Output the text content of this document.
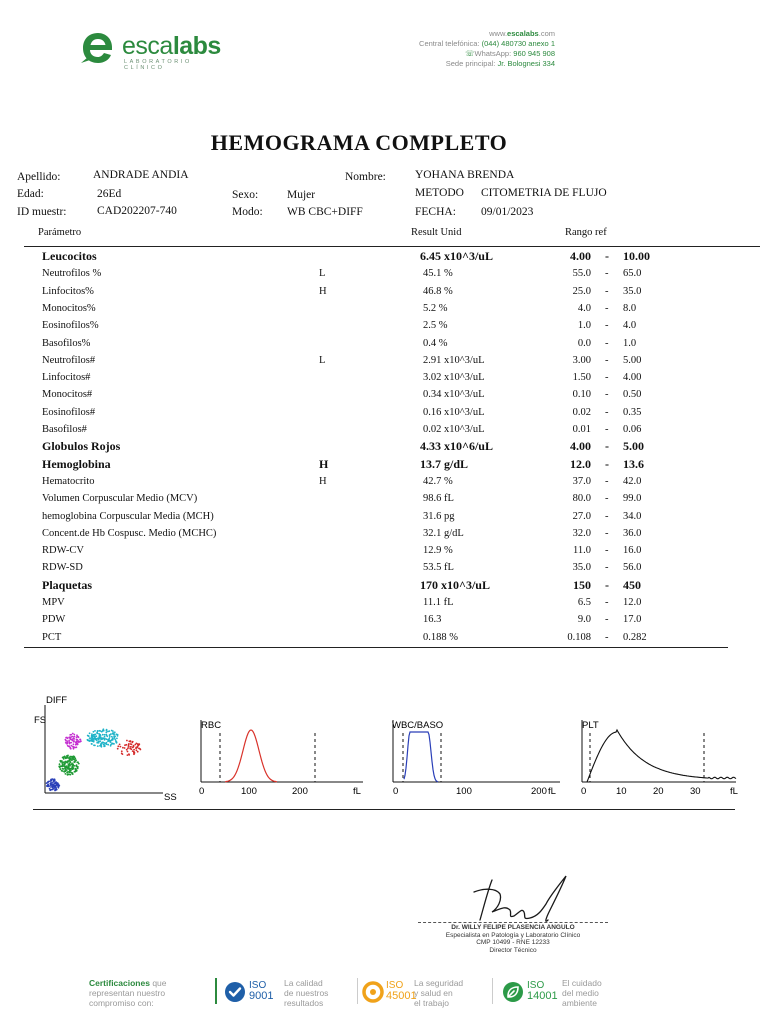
escalabs
LABORATORIO CLÍNICO
www.escalabs.com
Central telefónica: (044) 480730 anexo 1
☏WhatsApp: 960 945 908
Sede principal: Jr. Bolognesi 334
HEMOGRAMA COMPLETO
Apellido:	ANDRADE ANDIA	Nombre:	YOHANA BRENDA
Edad:	26Ed	Sexo:	Mujer	METODO CITOMETRIA DE FLUJO
ID muestr:	CAD202207-740	Modo: WB CBC+DIFF	FECHA: 09/01/2023
Parámetro	Result Unid	Rango ref
Leucocitos	6.45 x10^3/uL	4.00 - 10.00
Neutrofilos %	L	45.1 %	55.0 - 65.0
Linfocitos%	H	46.8 %	25.0 - 35.0
Monocitos%	5.2 %	4.0 - 8.0
Eosinofilos%	2.5 %	1.0 - 4.0
Basofilos%	0.4 %	0.0 - 1.0
Neutrofilos#	L	2.91 x10^3/uL	3.00 - 5.00
Linfocitos#	3.02 x10^3/uL	1.50 - 4.00
Monocitos#	0.34 x10^3/uL	0.10 - 0.50
Eosinofilos#	0.16 x10^3/uL	0.02 - 0.35
Basofilos#	0.02 x10^3/uL	0.01 - 0.06
Globulos Rojos	4.33 x10^6/uL	4.00 - 5.00
Hemoglobina	H	13.7 g/dL	12.0 - 13.6
Hematocrito	H	42.7 %	37.0 - 42.0
Volumen Corpuscular Medio (MCV)	98.6 fL	80.0 - 99.0
hemoglobina Corpuscular Media (MCH)	31.6 pg	27.0 - 34.0
Concent.de Hb Cospusc. Medio (MCHC)	32.1 g/dL	32.0 - 36.0
RDW-CV	12.9 %	11.0 - 16.0
RDW-SD	53.5 fL	35.0 - 56.0
Plaquetas	170 x10^3/uL	150 - 450
MPV	11.1 fL	6.5 - 12.0
PDW	16.3	9.0 - 17.0
PCT	0.188 %	0.108 - 0.282
DIFF
FS
SS
RBC
0	100	200	fL
WBC/BASO
0	100	200 fL
PLT
0	10	20	30	fL
Dr. WILLY FELIPE PLASENCIA ANGULO
Especialista en Patología y Laboratorio Clínico
CMP 10499 - RNE 12233
Director Técnico
Certificaciones que
representan nuestro
compromiso con:
ISO
9001
La calidad
de nuestros
resultados
ISO
45001
La seguridad
y salud en
el trabajo
ISO
14001
El cuidado
del medio
ambiente
